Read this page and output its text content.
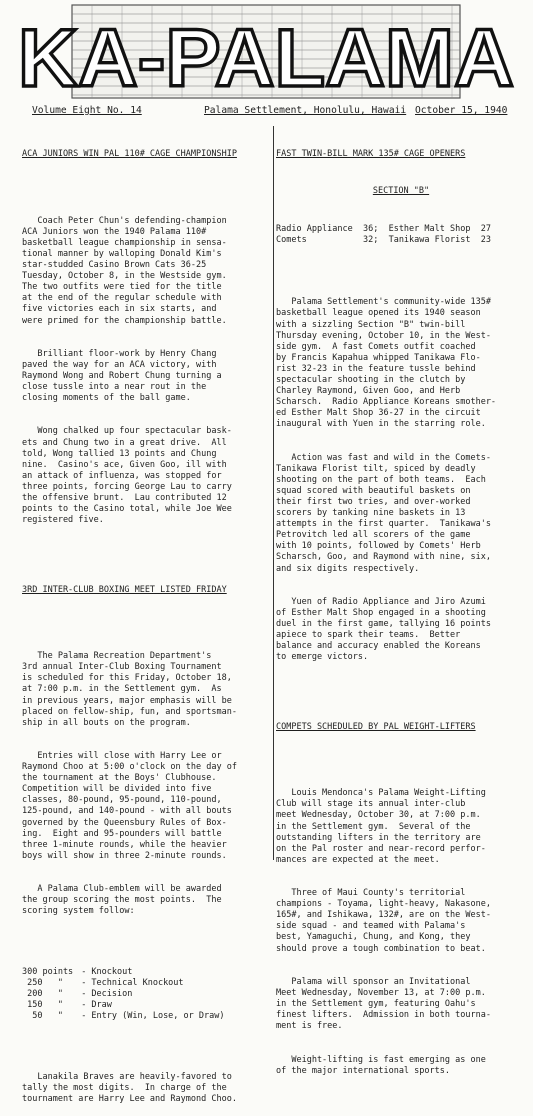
KA-PALAMA
Volume Eight No. 14	Palama Settlement, Honolulu, Hawaii October 15, 1940

ACA JUNIORS WIN PAL 110# CAGE CHAMPIONSHIP

Coach Peter Chun's defending-champion
ACA Juniors won the 1940 Palama 110#
basketball league championship in sensa-
tional manner by walloping Donald Kim's
star-studded Casino Brown Cats 36-25
Tuesday, October 8, in the Westside gym.
The two outfits were tied for the title
at the end of the regular schedule with
five victories each in six starts, and
were primed for the championship battle.

Brilliant floor-work by Henry Chang
paved the way for an ACA victory, with
Raymond Wong and Robert Chung turning a
close tussle into a near rout in the
closing moments of the ball game.

Wong chalked up four spectacular bask-
ets and Chung two in a great drive.  All
told, Wong tallied 13 points and Chung
nine.  Casino's ace, Given Goo, ill with
an attack of influenza, was stopped for
three points, forcing George Lau to carry
the offensive brunt.  Lau contributed 12
points to the Casino total, while Joe Wee
registered five.

3RD INTER-CLUB BOXING MEET LISTED FRIDAY

The Palama Recreation Department's
3rd annual Inter-Club Boxing Tournament
is scheduled for this Friday, October 18,
at 7:00 p.m. in the Settlement gym.  As
in previous years, major emphasis will be
placed on fellow-ship, fun, and sportsman-
ship in all bouts on the program.

Entries will close with Harry Lee or
Raymond Choo at 5:00 o'clock on the day of
the tournament at the Boys' Clubhouse.
Competition will be divided into five
classes, 80-pound, 95-pound, 110-pound,
125-pound, and 140-pound - with all bouts
governed by the Queensbury Rules of Box-
ing.  Eight and 95-pounders will battle
three 1-minute rounds, while the heavier
boys will show in three 2-minute rounds.

A Palama Club-emblem will be awarded
the group scoring the most points.  The
scoring system follow:

300 points	- Knockout
250   "	- Technical Knockout
200   "	- Decision
150   "	- Draw
50   "	- Entry (Win, Lose, or Draw)

Lanakila Braves are heavily-favored to
tally the most digits.  In charge of the
tournament are Harry Lee and Raymond Choo.

FAST TWIN-BILL MARK 135# CAGE OPENERS

SECTION "B"

Radio Appliance  36;  Esther Malt Shop  27
Comets           32;  Tanikawa Florist  23

Palama Settlement's community-wide 135#
basketball league opened its 1940 season
with a sizzling Section "B" twin-bill
Thursday evening, October 10, in the West-
side gym.  A fast Comets outfit coached
by Francis Kapahua whipped Tanikawa Flo-
rist 32-23 in the feature tussle behind
spectacular shooting in the clutch by
Charley Raymond, Given Goo, and Herb
Scharsch.  Radio Appliance Koreans smother-
ed Esther Malt Shop 36-27 in the circuit
inaugural with Yuen in the starring role.

Action was fast and wild in the Comets-
Tanikawa Florist tilt, spiced by deadly
shooting on the part of both teams.  Each
squad scored with beautiful baskets on
their first two tries, and over-worked
scorers by tanking nine baskets in 13
attempts in the first quarter.  Tanikawa's
Petrovitch led all scorers of the game
with 10 points, followed by Comets' Herb
Scharsch, Goo, and Raymond with nine, six,
and six digits respectively.

Yuen of Radio Appliance and Jiro Azumi
of Esther Malt Shop engaged in a shooting
duel in the first game, tallying 16 points
apiece to spark their teams.  Better
balance and accuracy enabled the Koreans
to emerge victors.

COMPETS SCHEDULED BY PAL WEIGHT-LIFTERS

Louis Mendonca's Palama Weight-Lifting
Club will stage its annual inter-club
meet Wednesday, October 30, at 7:00 p.m.
in the Settlement gym.  Several of the
outstanding lifters in the territory are
on the Pal roster and near-record perfor-
mances are expected at the meet.

Three of Maui County's territorial
champions - Toyama, light-heavy, Nakasone,
165#, and Ishikawa, 132#, are on the West-
side squad - and teamed with Palama's
best, Yamaguchi, Chung, and Kong, they
should prove a tough combination to beat.

Palama will sponsor an Invitational
Meet Wednesday, November 13, at 7:00 p.m.
in the Settlement gym, featuring Oahu's
finest lifters.  Admission in both tourna-
ment is free.

Weight-lifting is fast emerging as one
of the major international sports.
